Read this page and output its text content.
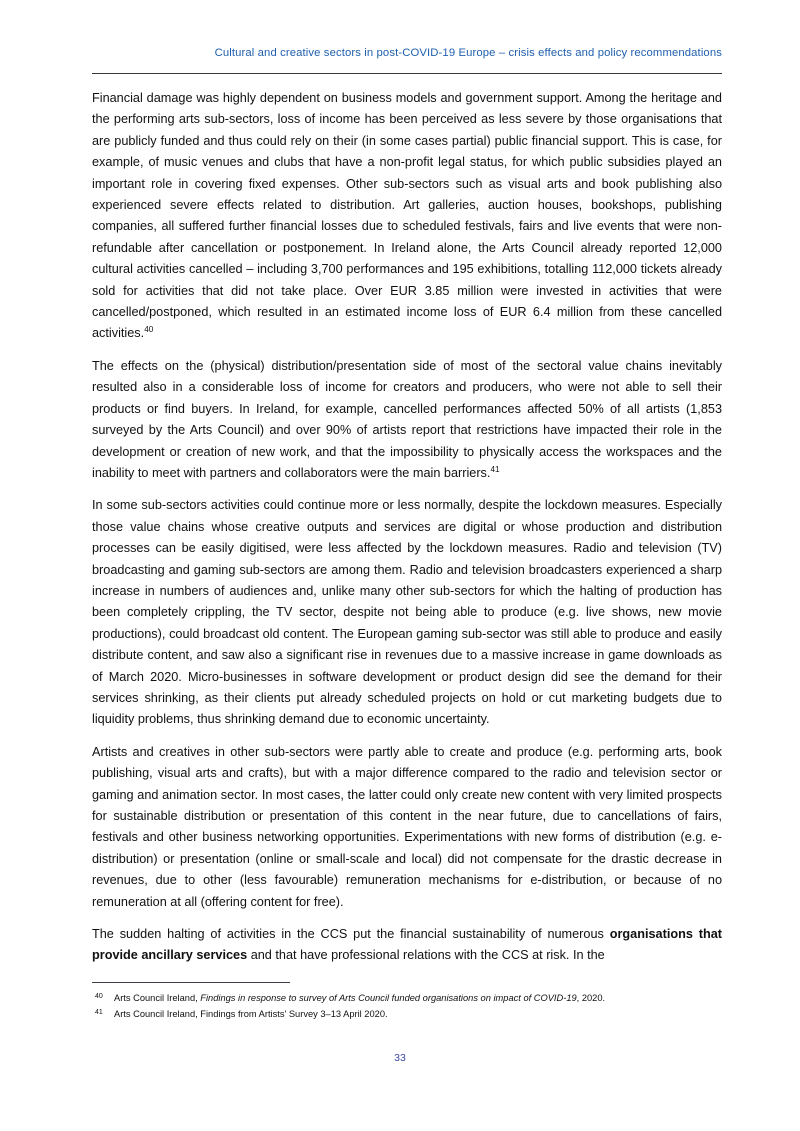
Cultural and creative sectors in post-COVID-19 Europe – crisis effects and policy recommendations

Financial damage was highly dependent on business models and government support. Among the heritage and the performing arts sub-sectors, loss of income has been perceived as less severe by those organisations that are publicly funded and thus could rely on their (in some cases partial) public financial support. This is case, for example, of music venues and clubs that have a non-profit legal status, for which public subsidies played an important role in covering fixed expenses. Other sub-sectors such as visual arts and book publishing also experienced severe effects related to distribution. Art galleries, auction houses, bookshops, publishing companies, all suffered further financial losses due to scheduled festivals, fairs and live events that were non-refundable after cancellation or postponement. In Ireland alone, the Arts Council already reported 12,000 cultural activities cancelled – including 3,700 performances and 195 exhibitions, totalling 112,000 tickets already sold for activities that did not take place. Over EUR 3.85 million were invested in activities that were cancelled/postponed, which resulted in an estimated income loss of EUR 6.4 million from these cancelled activities.$^{40}$

The effects on the (physical) distribution/presentation side of most of the sectoral value chains inevitably resulted also in a considerable loss of income for creators and producers, who were not able to sell their products or find buyers. In Ireland, for example, cancelled performances affected 50% of all artists (1,853 surveyed by the Arts Council) and over 90% of artists report that restrictions have impacted their role in the development or creation of new work, and that the impossibility to physically access the workspaces and the inability to meet with partners and collaborators were the main barriers.$^{41}$

In some sub-sectors activities could continue more or less normally, despite the lockdown measures. Especially those value chains whose creative outputs and services are digital or whose production and distribution processes can be easily digitised, were less affected by the lockdown measures. Radio and television (TV) broadcasting and gaming sub-sectors are among them. Radio and television broadcasters experienced a sharp increase in numbers of audiences and, unlike many other sub-sectors for which the halting of production has been completely crippling, the TV sector, despite not being able to produce (e.g. live shows, new movie productions), could broadcast old content. The European gaming sub-sector was still able to produce and easily distribute content, and saw also a significant rise in revenues due to a massive increase in game downloads as of March 2020. Micro-businesses in software development or product design did see the demand for their services shrinking, as their clients put already scheduled projects on hold or cut marketing budgets due to liquidity problems, thus shrinking demand due to economic uncertainty.

Artists and creatives in other sub-sectors were partly able to create and produce (e.g. performing arts, book publishing, visual arts and crafts), but with a major difference compared to the radio and television sector or gaming and animation sector. In most cases, the latter could only create new content with very limited prospects for sustainable distribution or presentation of this content in the near future, due to cancellations of fairs, festivals and other business networking opportunities. Experimentations with new forms of distribution (e.g. e-distribution) or presentation (online or small-scale and local) did not compensate for the drastic decrease in revenues, due to other (less favourable) remuneration mechanisms for e-distribution, or because of no remuneration at all (offering content for free).

The sudden halting of activities in the CCS put the financial sustainability of numerous organisations that provide ancillary services and that have professional relations with the CCS at risk. In the

40 Arts Council Ireland, Findings in response to survey of Arts Council funded organisations on impact of COVID-19, 2020.
41 Arts Council Ireland, Findings from Artists' Survey 3–13 April 2020.
33
